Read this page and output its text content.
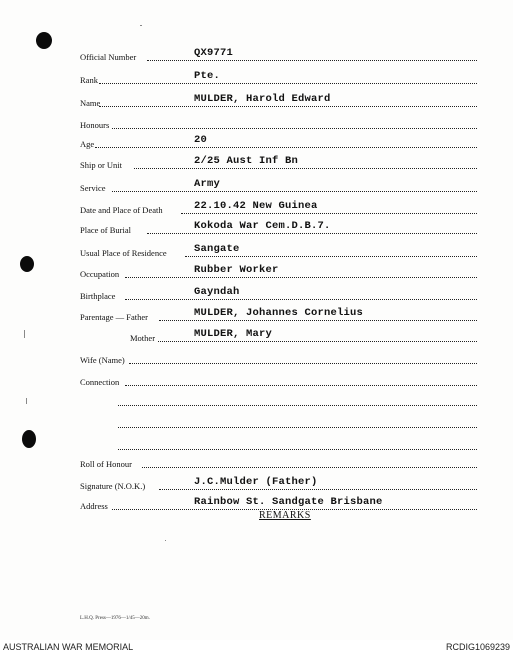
Official Number	QX9771
Rank	Pte.
Name	MULDER, Harold Edward
Honours
Age	20
Ship or Unit	2/25 Aust Inf Bn
Service	Army
Date and Place of Death	22.10.42 New Guinea
Place of Burial	Kokoda War Cem.D.B.7.
Usual Place of Residence	Sangate
Occupation	Rubber Worker
Birthplace	Gayndah
Parentage — Father	MULDER, Johannes Cornelius
Mother	MULDER, Mary
Wife (Name)
Connection
Roll of Honour
Signature (N.O.K.)	J.C.Mulder (Father)
Address	Rainbow St. Sandgate Brisbane
REMARKS
L.H.Q. Press—1976—1/45—20m.
AUSTRALIAN WAR MEMORIAL	RCDIG1069239
